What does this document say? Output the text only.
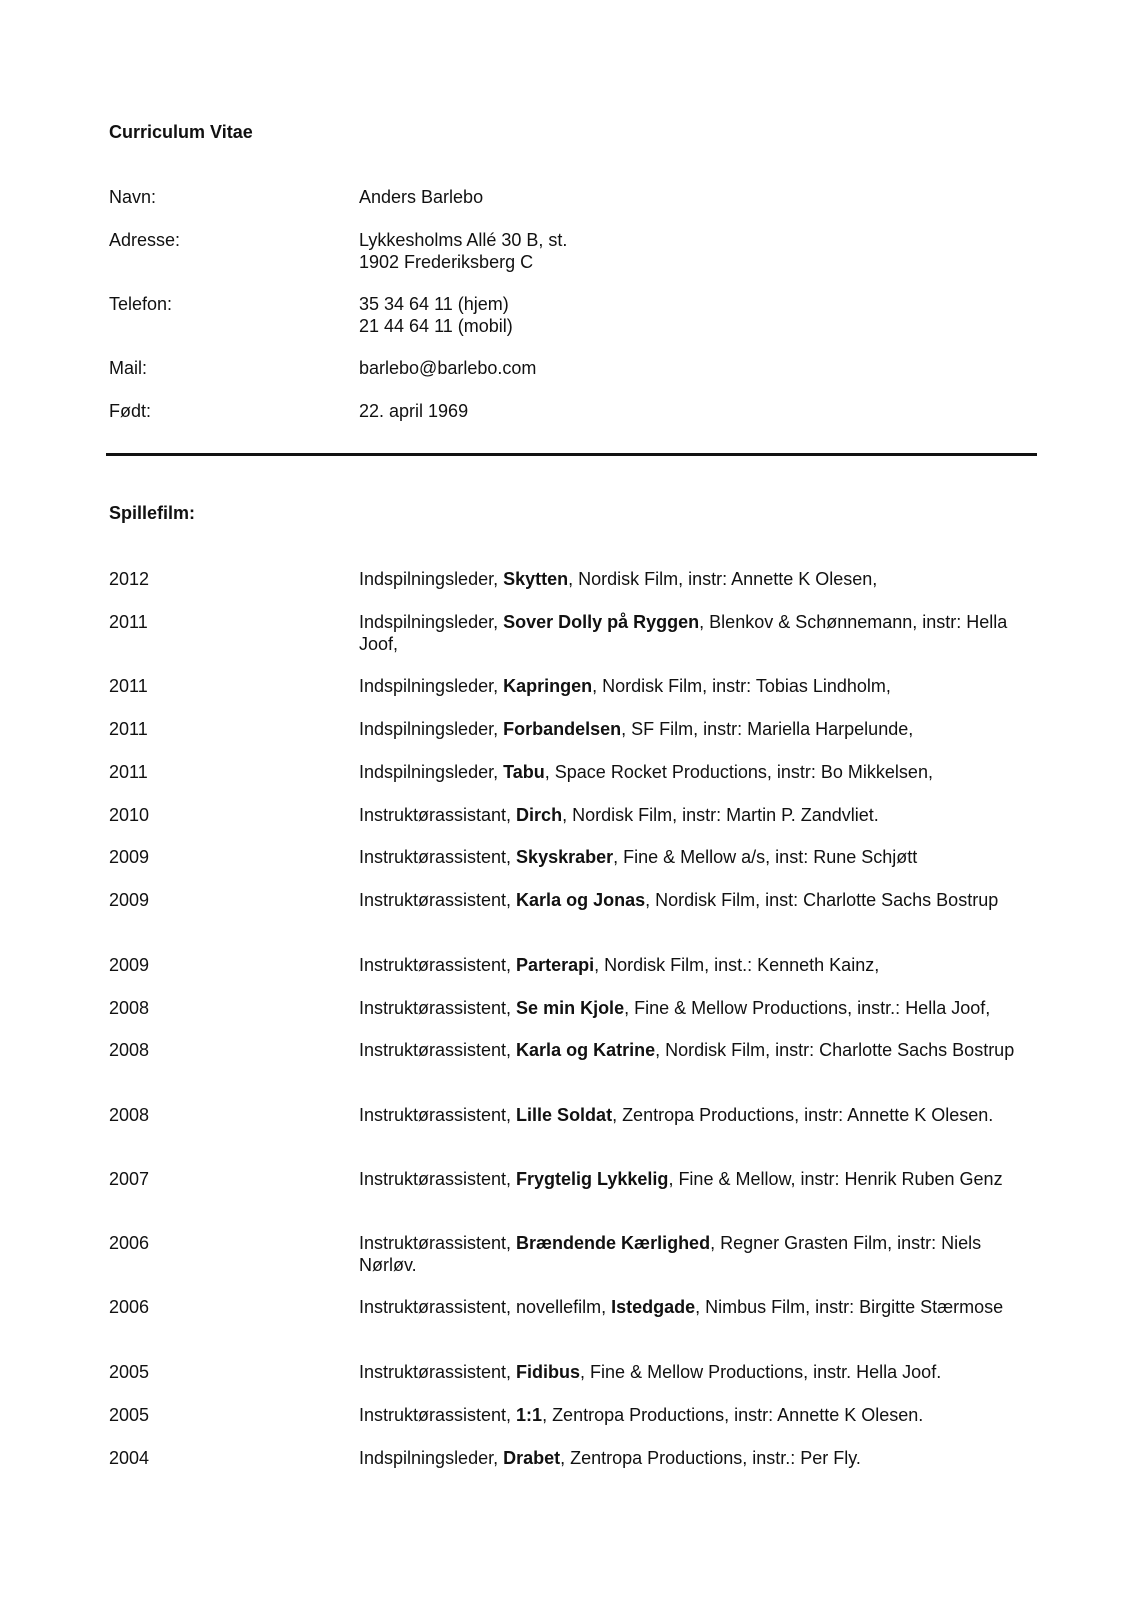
Curriculum Vitae
Navn:	Anders Barlebo
Adresse:	Lykkesholms Allé 30 B, st.
1902 Frederiksberg C
Telefon:	35 34 64 11 (hjem)
21 44 64 11 (mobil)
Mail:	barlebo@barlebo.com
Født:	22. april 1969
Spillefilm:
2012	Indspilningsleder, Skytten, Nordisk Film, instr: Annette K Olesen,
2011	Indspilningsleder, Sover Dolly på Ryggen, Blenkov & Schønnemann, instr: Hella Joof,
2011	Indspilningsleder, Kapringen, Nordisk Film, instr: Tobias Lindholm,
2011	Indspilningsleder, Forbandelsen, SF Film, instr: Mariella Harpelunde,
2011	Indspilningsleder, Tabu, Space Rocket Productions, instr: Bo Mikkelsen,
2010	Instruktørassistant, Dirch, Nordisk Film, instr: Martin P. Zandvliet.
2009	Instruktørassistent, Skyskraber, Fine & Mellow a/s, inst: Rune Schjøtt
2009	Instruktørassistent, Karla og Jonas, Nordisk Film, inst: Charlotte Sachs Bostrup
2009	Instruktørassistent, Parterapi, Nordisk Film, inst.: Kenneth Kainz,
2008	Instruktørassistent, Se min Kjole, Fine & Mellow Productions, instr.: Hella Joof,
2008	Instruktørassistent, Karla og Katrine, Nordisk Film, instr: Charlotte Sachs Bostrup
2008	Instruktørassistent, Lille Soldat, Zentropa Productions, instr: Annette K Olesen.
2007	Instruktørassistent, Frygtelig Lykkelig, Fine & Mellow, instr: Henrik Ruben Genz
2006	Instruktørassistent, Brændende Kærlighed, Regner Grasten Film, instr: Niels Nørløv.
2006	Instruktørassistent, novellefilm, Istedgade, Nimbus Film, instr: Birgitte Stærmose
2005	Instruktørassistent, Fidibus, Fine & Mellow Productions, instr. Hella Joof.
2005	Instruktørassistent, 1:1, Zentropa Productions, instr: Annette K Olesen.
2004	Indspilningsleder, Drabet, Zentropa Productions, instr.: Per Fly.
